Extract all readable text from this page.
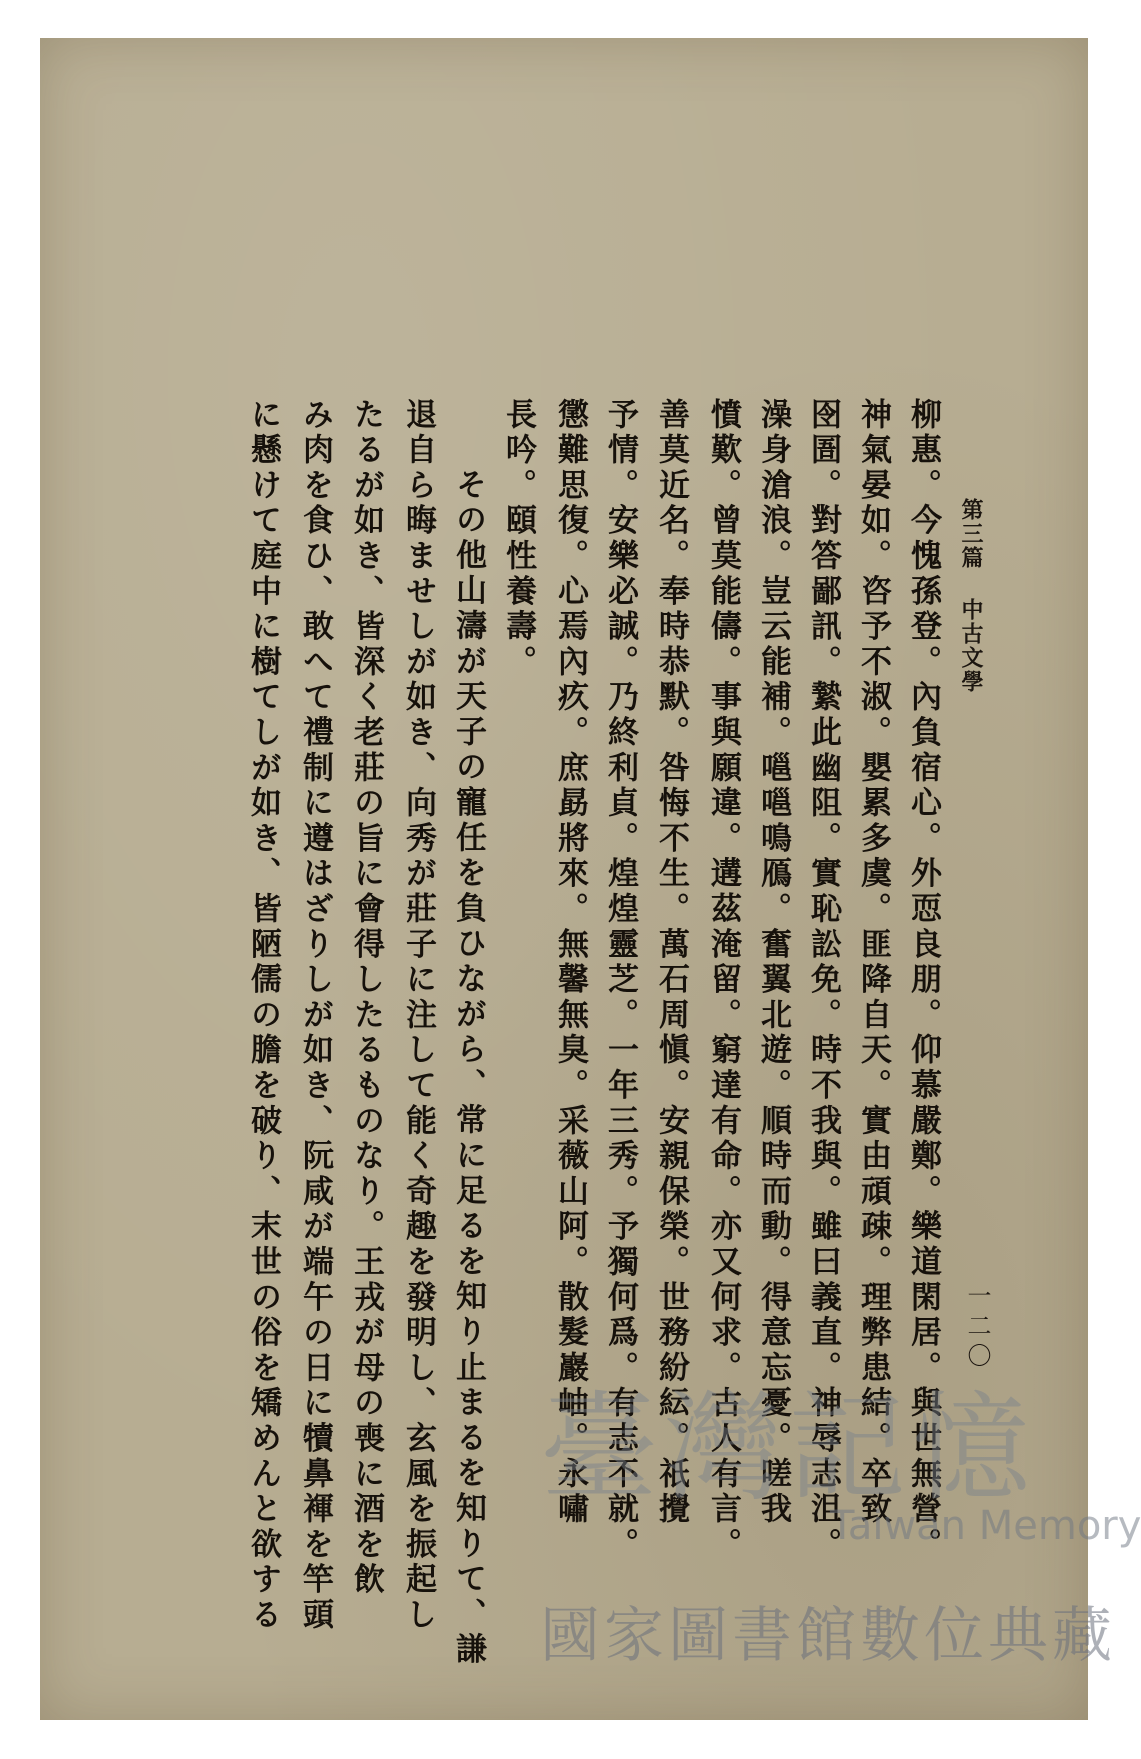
第三篇
中古文學
一二〇
柳惠。今愧孫登。內負宿心。外恧良朋。仰慕嚴鄭。樂道閑居。與世無營。
神氣晏如。咨予不淑。嬰累多虞。匪降自天。實由頑疎。理弊患結。卒致
囹圄。對答鄙訊。縶此幽阻。實恥訟免。時不我與。雖曰義直。神辱志沮。
澡身滄浪。豈云能補。嗈嗈鳴鴈。奮翼北遊。順時而動。得意忘憂。嗟我
憤歎。曾莫能儔。事與願違。遘茲淹留。窮達有命。亦又何求。古人有言。
善莫近名。奉時恭默。咎悔不生。萬石周愼。安親保榮。世務紛紜。祇攪
予情。安樂必誠。乃終利貞。煌煌靈芝。一年三秀。予獨何爲。有志不就。
懲難思復。心焉內疚。庶勗將來。無馨無臭。采薇山阿。散髮巖岫。永嘯
長吟。頤性養壽。
その他山濤が天子の寵任を負ひながら、常に足るを知り止まるを知りて、謙
退自ら晦ませしが如き、向秀が莊子に注して能く奇趣を發明し、玄風を振起し
たるが如き、皆深く老莊の旨に會得したるものなり。王戎が母の喪に酒を飲
み肉を食ひ、敢へて禮制に遵はざりしが如き、阮咸が端午の日に犢鼻褌を竿頭
に懸けて庭中に樹てしが如き、皆陋儒の膽を破り、末世の俗を矯めんと欲する 臺灣記憶
Taiwan Memory
國家圖書館數位典藏
